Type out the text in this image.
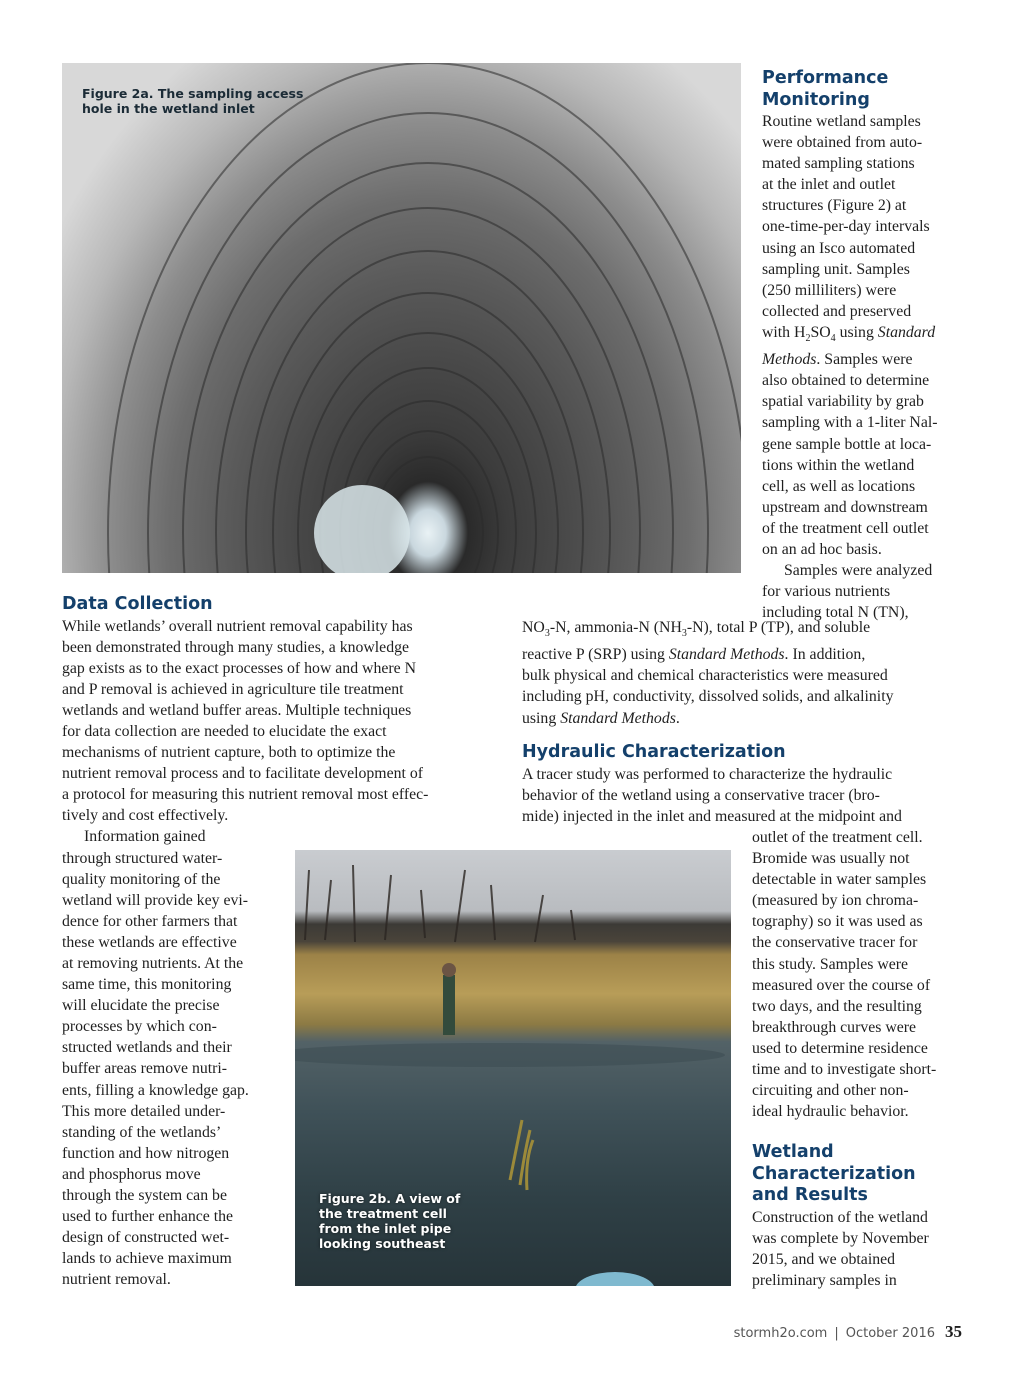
Figure 2a. The sampling access
hole in the wetland inlet
Performance
Monitoring

Routine wetland samples
were obtained from auto-
mated sampling stations
at the inlet and outlet
structures (Figure 2) at
one-time-per-day intervals
using an Isco automated
sampling unit. Samples
(250 milliliters) were
collected and preserved
with $H_2SO_4$ using Standard
Methods. Samples were
also obtained to determine
spatial variability by grab
sampling with a 1-liter Nal-
gene sample bottle at loca-
tions within the wetland
cell, as well as locations
upstream and downstream
of the treatment cell outlet
on an ad hoc basis.
Samples were analyzed
for various nutrients
including total N (TN),

$NO_3-N$, ammonia-N $(NH_3-N)$, total P (TP), and soluble
reactive P (SRP) using Standard Methods. In addition,
bulk physical and chemical characteristics were measured
including pH, conductivity, dissolved solids, and alkalinity
using Standard Methods.

Data Collection

While wetlands’ overall nutrient removal capability has
been demonstrated through many studies, a knowledge
gap exists as to the exact processes of how and where N
and P removal is achieved in agriculture tile treatment
wetlands and wetland buffer areas. Multiple techniques
for data collection are needed to elucidate the exact
mechanisms of nutrient capture, both to optimize the
nutrient removal process and to facilitate development of
a protocol for measuring this nutrient removal most effec-
tively and cost effectively.

Information gained
through structured water-
quality monitoring of the
wetland will provide key evi-
dence for other farmers that
these wetlands are effective
at removing nutrients. At the
same time, this monitoring
will elucidate the precise
processes by which con-
structed wetlands and their
buffer areas remove nutri-
ents, filling a knowledge gap.
This more detailed under-
standing of the wetlands’
function and how nitrogen
and phosphorus move
through the system can be
used to further enhance the
design of constructed wet-
lands to achieve maximum
nutrient removal.

Hydraulic Characterization

A tracer study was performed to characterize the hydraulic
behavior of the wetland using a conservative tracer (bro-
mide) injected in the inlet and measured at the midpoint and

outlet of the treatment cell.
Bromide was usually not
detectable in water samples
(measured by ion chroma-
tography) so it was used as
the conservative tracer for
this study. Samples were
measured over the course of
two days, and the resulting
breakthrough curves were
used to determine residence
time and to investigate short-
circuiting and other non-
ideal hydraulic behavior.

Figure 2b. A view of
the treatment cell
from the inlet pipe
looking southeast
Wetland
Characterization
and Results

Construction of the wetland
was complete by November
2015, and we obtained
preliminary samples in

stormh2o.com | October 2016 35
